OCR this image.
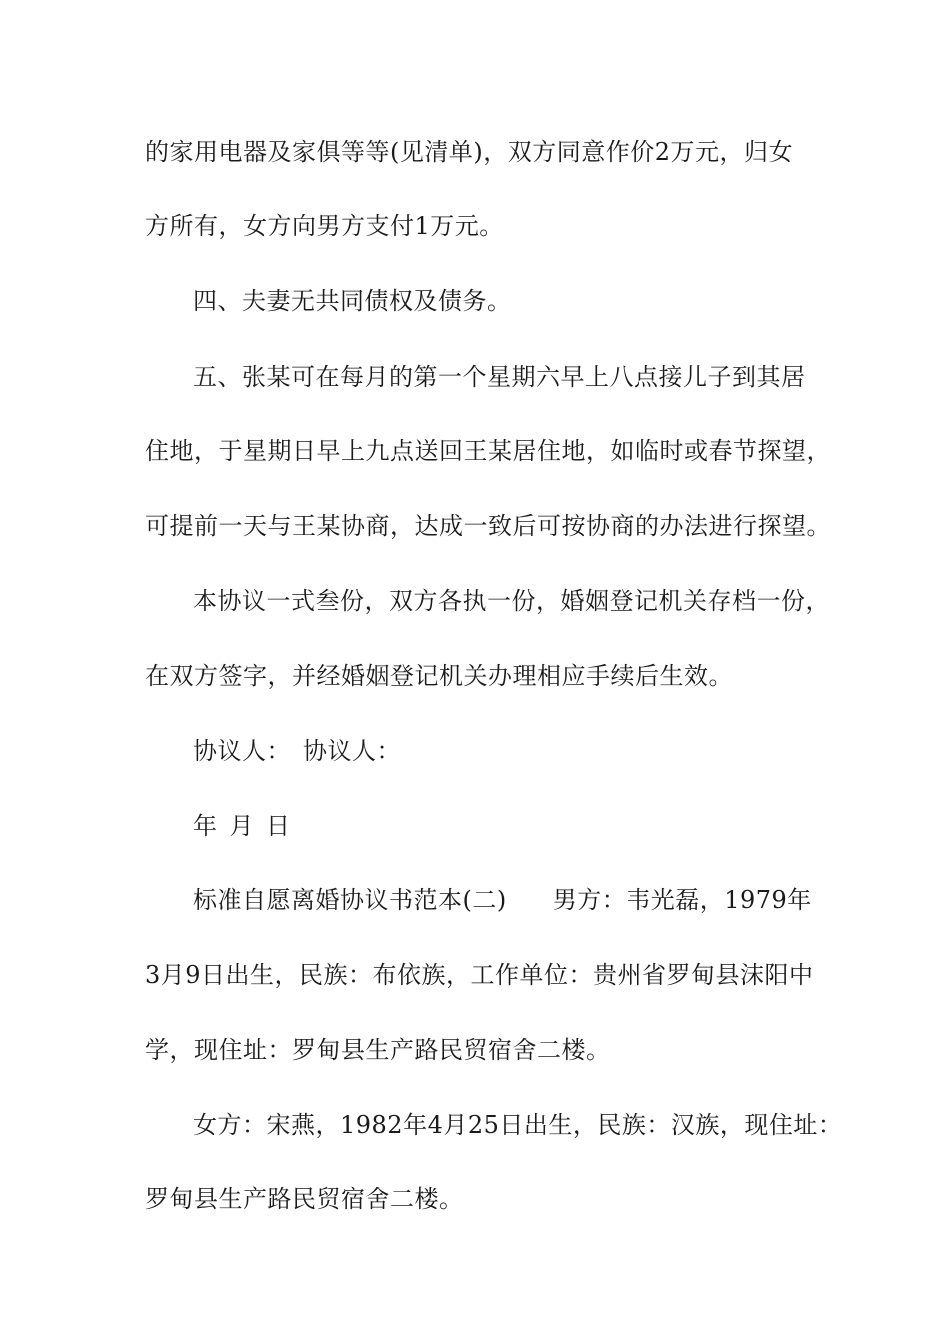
的家用电器及家俱等等(见清单)，双方同意作价2万元，归女
方所有，女方向男方支付1万元。
四、夫妻无共同债权及债务。
五、张某可在每月的第一个星期六早上八点接儿子到其居
住地，于星期日早上九点送回王某居住地，如临时或春节探望，
可提前一天与王某协商，达成一致后可按协商的办法进行探望。
本协议一式叁份，双方各执一份，婚姻登记机关存档一份，
在双方签字，并经婚姻登记机关办理相应手续后生效。
协议人： 协议人：
年 月 日
标准自愿离婚协议书范本(二) 男方：韦光磊，1979年
3月9日出生，民族：布依族，工作单位：贵州省罗甸县沫阳中
学，现住址：罗甸县生产路民贸宿舍二楼。
女方：宋燕，1982年4月25日出生，民族：汉族，现住址：
罗甸县生产路民贸宿舍二楼。
